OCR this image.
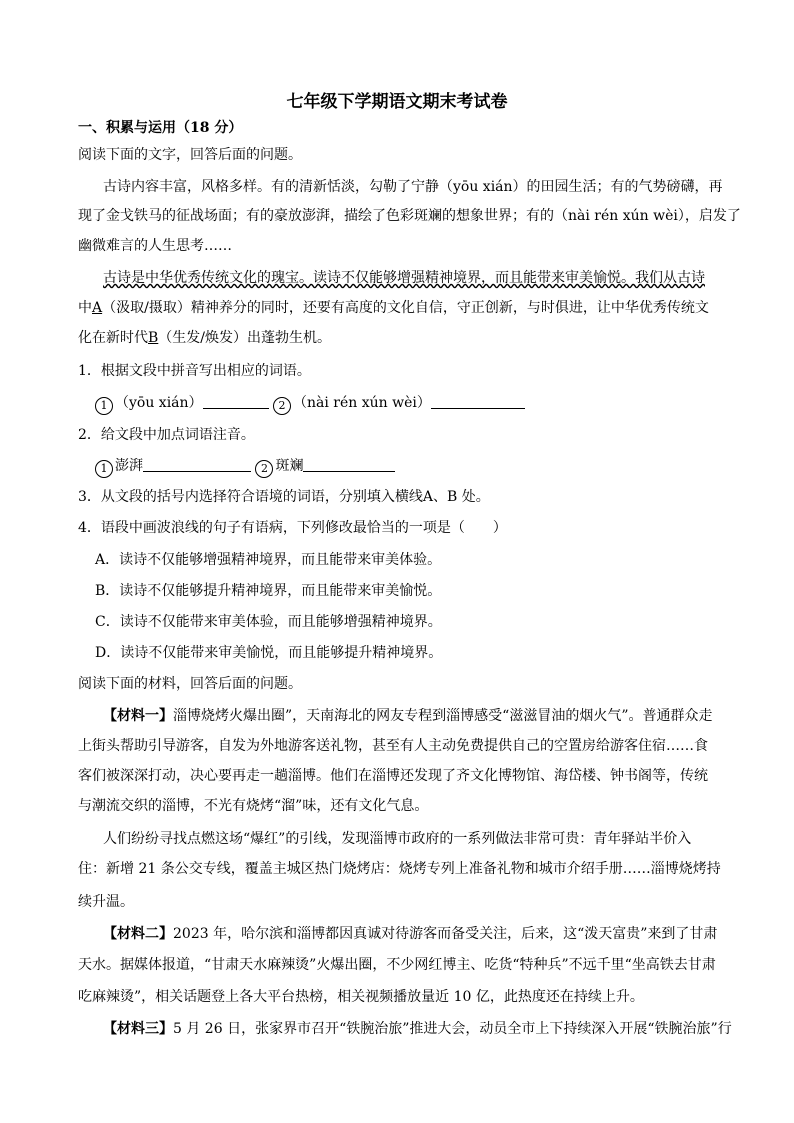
七年级下学期语文期末考试卷
一、积累与运用（18 分）
阅读下面的文字，回答后面的问题。
古诗内容丰富，风格多样。有的清新恬淡，勾勒了宁静（yōu xián）的田园生活；有的气势磅礴，再
现了金戈铁马的征战场面；有的豪放澎湃，描绘了色彩斑斓的想象世界；有的（nài rén xún wèi），启发了
幽微难言的人生思考……
古诗是中华优秀传统文化的瑰宝。读诗不仅能够增强精神境界，而且能带来审美愉悦。我们从古诗
中A（汲取/摄取）精神养分的同时，还要有高度的文化自信，守正创新，与时俱进，让中华优秀传统文
化在新时代B（生发/焕发）出蓬勃生机。
1．根据文段中拼音写出相应的词语。
1 （yōu xián）	2 （nài rén xún wèi）
2．给文段中加点词语注音。
1 澎湃	2 斑斓
3．从文段的括号内选择符合语境的词语，分别填入横线A、B 处。
4．语段中画波浪线的句子有语病，下列修改最恰当的一项是（　　）
A．读诗不仅能够增强精神境界，而且能带来审美体验。
B．读诗不仅能够提升精神境界，而且能带来审美愉悦。
C．读诗不仅能带来审美体验，而且能够增强精神境界。
D．读诗不仅能带来审美愉悦，而且能够提升精神境界。
阅读下面的材料，回答后面的问题。
【材料一】淄博烧烤火爆出圈”，天南海北的网友专程到淄博感受“滋滋冒油的烟火气”。普通群众走
上街头帮助引导游客，自发为外地游客送礼物，甚至有人主动免费提供自己的空置房给游客住宿……食
客们被深深打动，决心要再走一趟淄博。他们在淄博还发现了齐文化博物馆、海岱楼、钟书阁等，传统
与潮流交织的淄博，不光有烧烤“溜”味，还有文化气息。
人们纷纷寻找点燃这场“爆红”的引线，发现淄博市政府的一系列做法非常可贵：青年驿站半价入
住：新增 21 条公交专线，覆盖主城区热门烧烤店：烧烤专列上准备礼物和城市介绍手册……淄博烧烤持
续升温。
【材料二】2023 年，哈尔滨和淄博都因真诚对待游客而备受关注，后来，这“泼天富贵”来到了甘肃
天水。据媒体报道，“甘肃天水麻辣烫”火爆出圈，不少网红博主、吃货“特种兵”不远千里“坐高铁去甘肃
吃麻辣烫”，相关话题登上各大平台热榜，相关视频播放量近 10 亿，此热度还在持续上升。
【材料三】5 月 26 日，张家界市召开“铁腕治旅”推进大会，动员全市上下持续深入开展“铁腕治旅”行
